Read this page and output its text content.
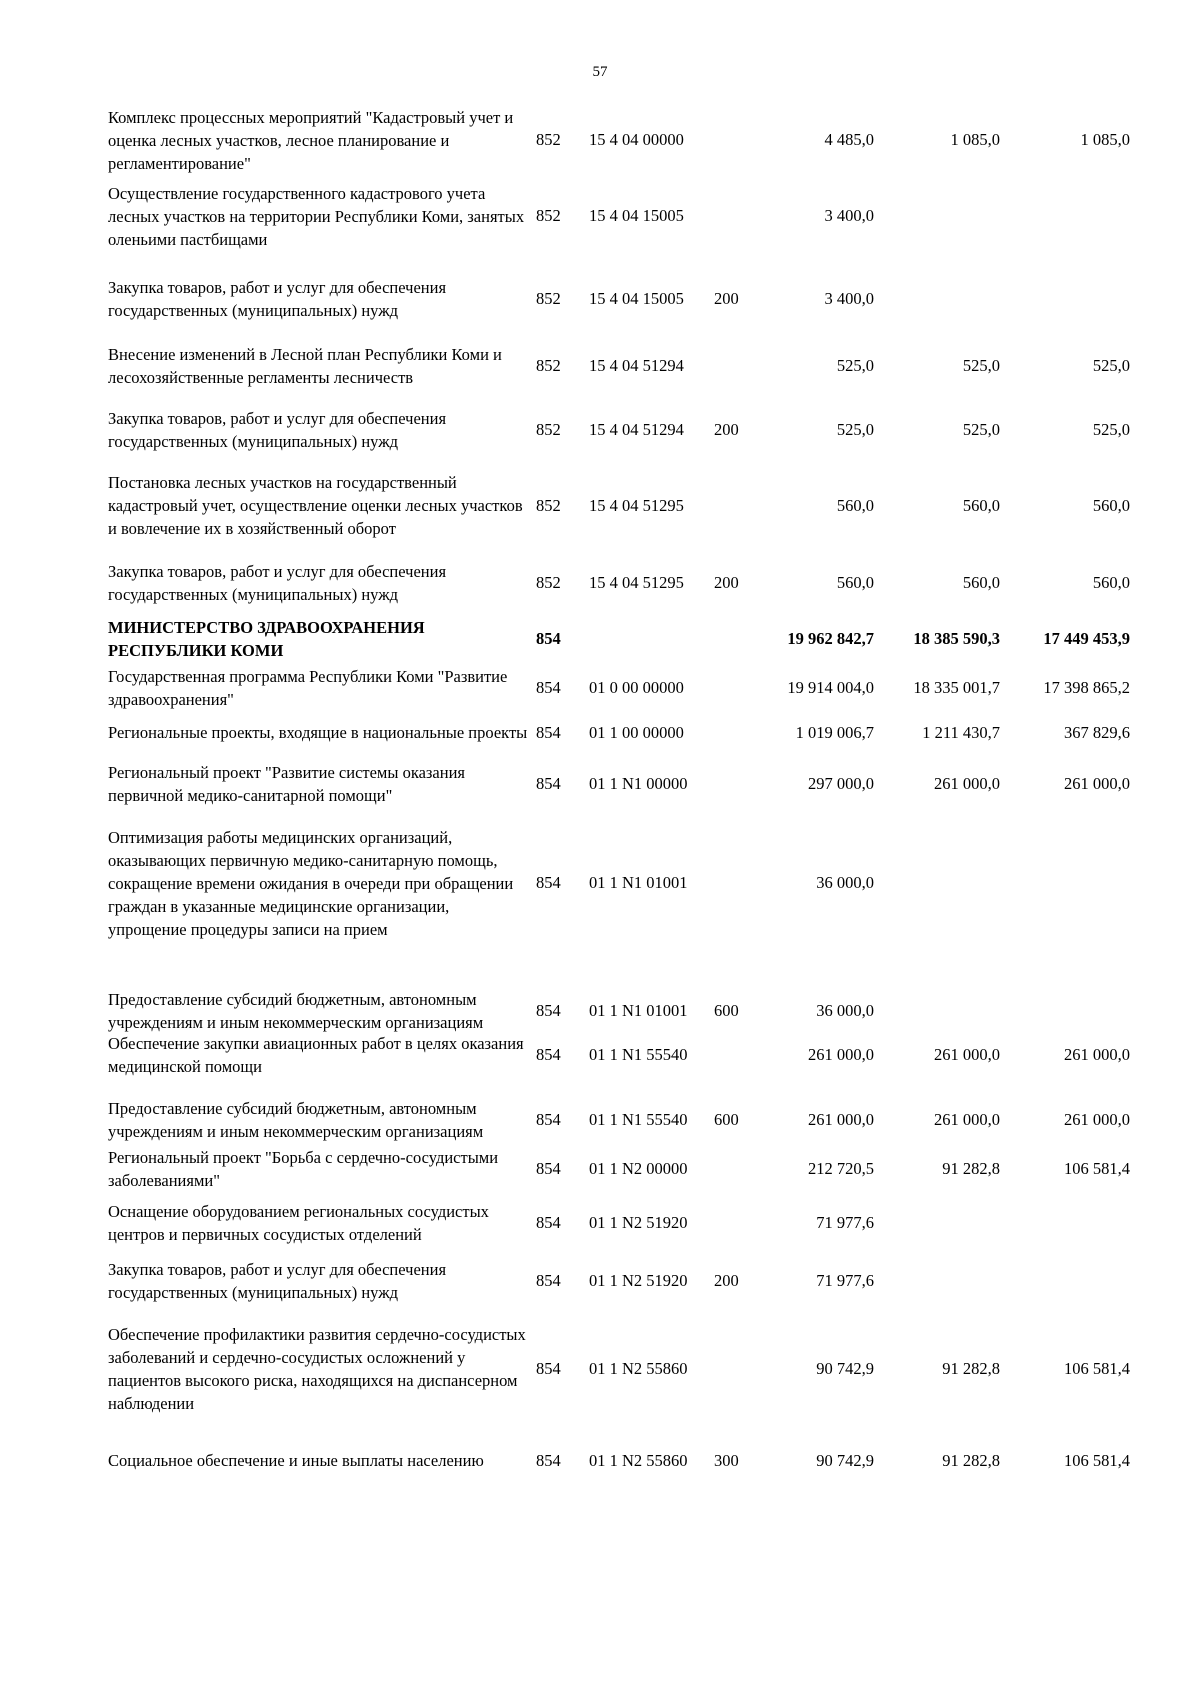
57
Комплекс процессных мероприятий "Кадастровый учет и оценка лесных участков, лесное планирование и регламентирование"
852	15 4 04 00000	4 485,0	1 085,0	1 085,0
Осуществление государственного кадастрового учета лесных участков на территории Республики Коми, занятых оленьими пастбищами
852	15 4 04 15005	3 400,0
Закупка товаров, работ и услуг для обеспечения государственных (муниципальных) нужд
852	15 4 04 15005	200	3 400,0
Внесение изменений в Лесной план Республики Коми и лесохозяйственные регламенты лесничеств
852	15 4 04 51294	525,0	525,0	525,0
Закупка товаров, работ и услуг для обеспечения государственных (муниципальных) нужд
852	15 4 04 51294	200	525,0	525,0	525,0
Постановка лесных участков на государственный кадастровый учет, осуществление оценки лесных участков и вовлечение их в хозяйственный оборот
852	15 4 04 51295	560,0	560,0	560,0
Закупка товаров, работ и услуг для обеспечения государственных (муниципальных) нужд
852	15 4 04 51295	200	560,0	560,0	560,0
МИНИСТЕРСТВО ЗДРАВООХРАНЕНИЯ РЕСПУБЛИКИ КОМИ
854	19 962 842,7	18 385 590,3	17 449 453,9
Государственная программа Республики Коми "Развитие здравоохранения"
854	01 0 00 00000	19 914 004,0	18 335 001,7	17 398 865,2
Региональные проекты, входящие в национальные проекты 854	01 1 00 00000	1 019 006,7	1 211 430,7	367 829,6
Региональный проект "Развитие системы оказания первичной медико-санитарной помощи"
854	01 1 N1 00000	297 000,0	261 000,0	261 000,0
Оптимизация работы медицинских организаций, оказывающих первичную медико-санитарную помощь, сокращение времени ожидания в очереди при обращении граждан в указанные медицинские организации, упрощение процедуры записи на прием
854	01 1 N1 01001	36 000,0
Предоставление субсидий бюджетным, автономным учреждениям и иным некоммерческим организациям
854	01 1 N1 01001	600	36 000,0
Обеспечение закупки авиационных работ в целях оказания медицинской помощи
854	01 1 N1 55540	261 000,0	261 000,0	261 000,0
Предоставление субсидий бюджетным, автономным учреждениям и иным некоммерческим организациям
854	01 1 N1 55540	600	261 000,0	261 000,0	261 000,0
Региональный проект "Борьба с сердечно-сосудистыми заболеваниями"
854	01 1 N2 00000	212 720,5	91 282,8	106 581,4
Оснащение оборудованием региональных сосудистых центров и первичных сосудистых отделений
854	01 1 N2 51920	71 977,6
Закупка товаров, работ и услуг для обеспечения государственных (муниципальных) нужд
854	01 1 N2 51920	200	71 977,6
Обеспечение профилактики развития сердечно-сосудистых заболеваний и сердечно-сосудистых осложнений у пациентов высокого риска, находящихся на диспансерном наблюдении
854	01 1 N2 55860	90 742,9	91 282,8	106 581,4
Социальное обеспечение и иные выплаты населению	854	01 1 N2 55860	300	90 742,9	91 282,8	106 581,4
